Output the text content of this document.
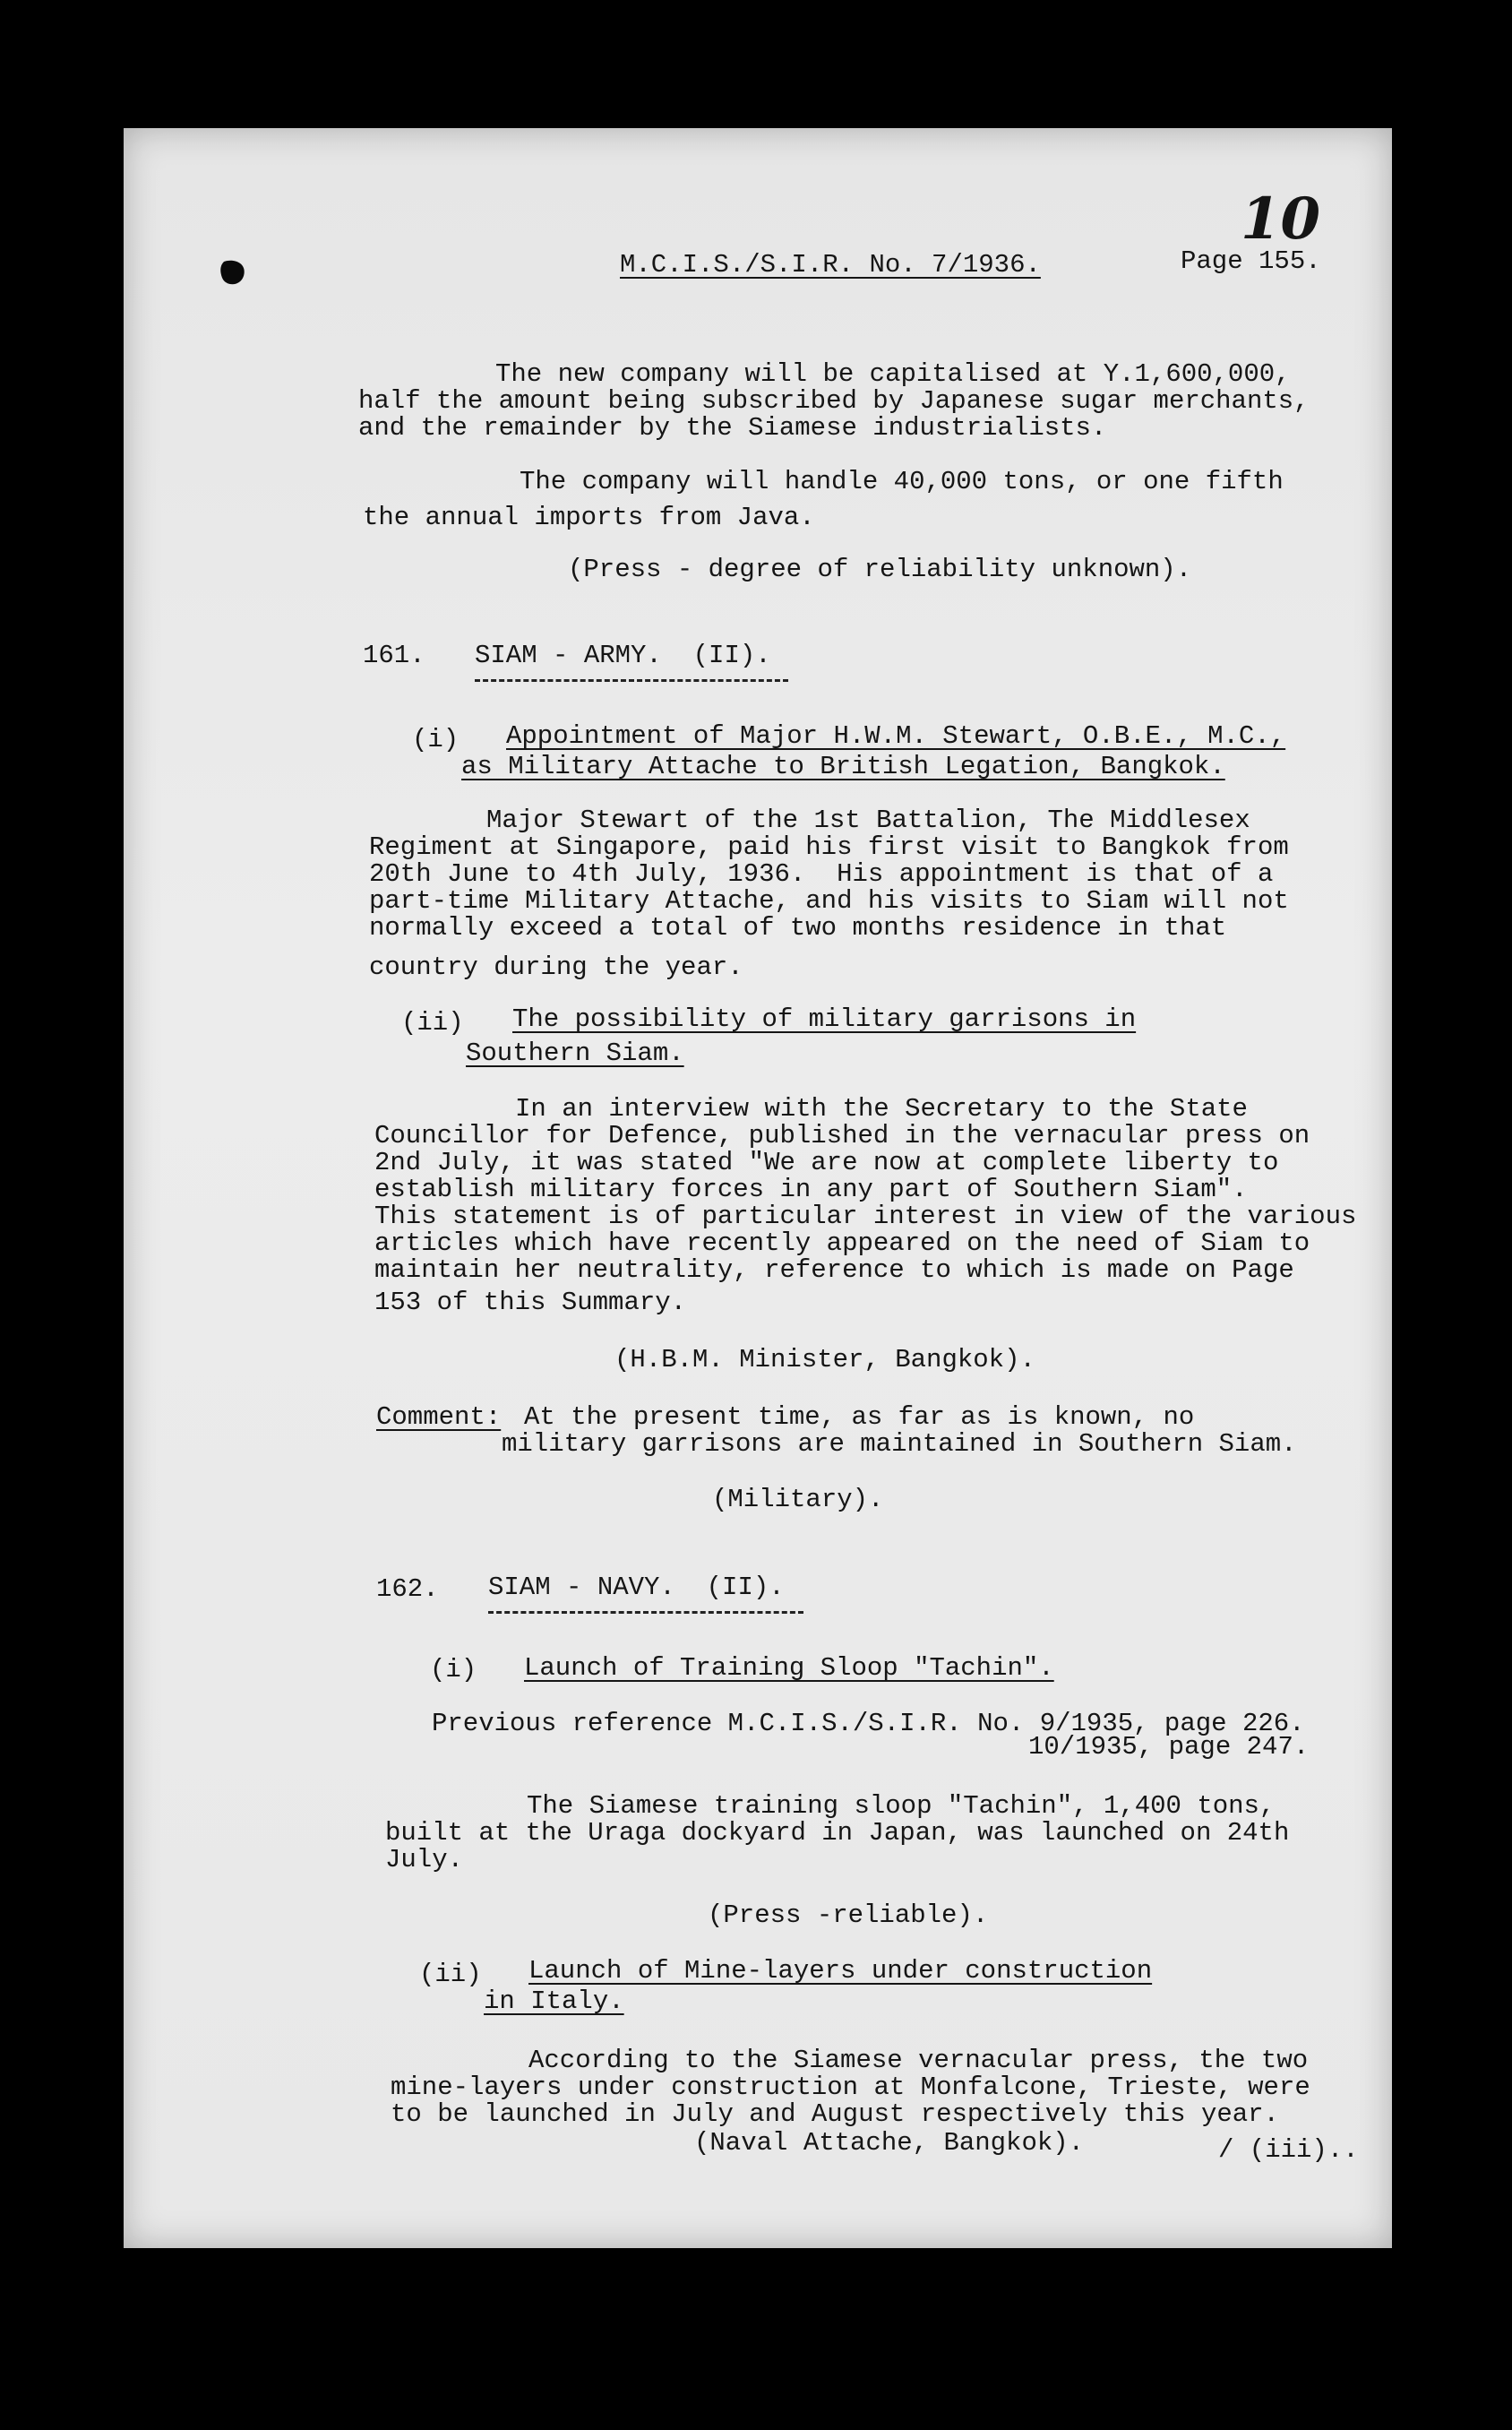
M.C.I.S./S.I.R. No. 7/1936.	Page 155.
10
The new company will be capitalised at Y.1,600,000,
half the amount being subscribed by Japanese sugar merchants,
and the remainder by the Siamese industrialists.
The company will handle 40,000 tons, or one fifth
the annual imports from Java.
(Press - degree of reliability unknown).
161. SIAM - ARMY.  (II).
(i) Appointment of Major H.W.M. Stewart, O.B.E., M.C.,
as Military Attache to British Legation, Bangkok.
Major Stewart of the 1st Battalion, The Middlesex
Regiment at Singapore, paid his first visit to Bangkok from
20th June to 4th July, 1936.  His appointment is that of a
part-time Military Attache, and his visits to Siam will not
normally exceed a total of two months residence in that
country during the year.
(ii) The possibility of military garrisons in
Southern Siam.
In an interview with the Secretary to the State
Councillor for Defence, published in the vernacular press on
2nd July, it was stated "We are now at complete liberty to
establish military forces in any part of Southern Siam".
This statement is of particular interest in view of the various
articles which have recently appeared on the need of Siam to
maintain her neutrality, reference to which is made on Page
153 of this Summary.
(H.B.M. Minister, Bangkok).
Comment: At the present time, as far as is known, no
military garrisons are maintained in Southern Siam.
(Military).
162. SIAM - NAVY.  (II).
(i) Launch of Training Sloop "Tachin".
Previous reference M.C.I.S./S.I.R. No. 9/1935, page 226.
10/1935, page 247.
The Siamese training sloop "Tachin", 1,400 tons,
built at the Uraga dockyard in Japan, was launched on 24th
July.
(Press -reliable).
(ii) Launch of Mine-layers under construction
in Italy.
According to the Siamese vernacular press, the two
mine-layers under construction at Monfalcone, Trieste, were
to be launched in July and August respectively this year.
(Naval Attache, Bangkok).	/ (iii)..
